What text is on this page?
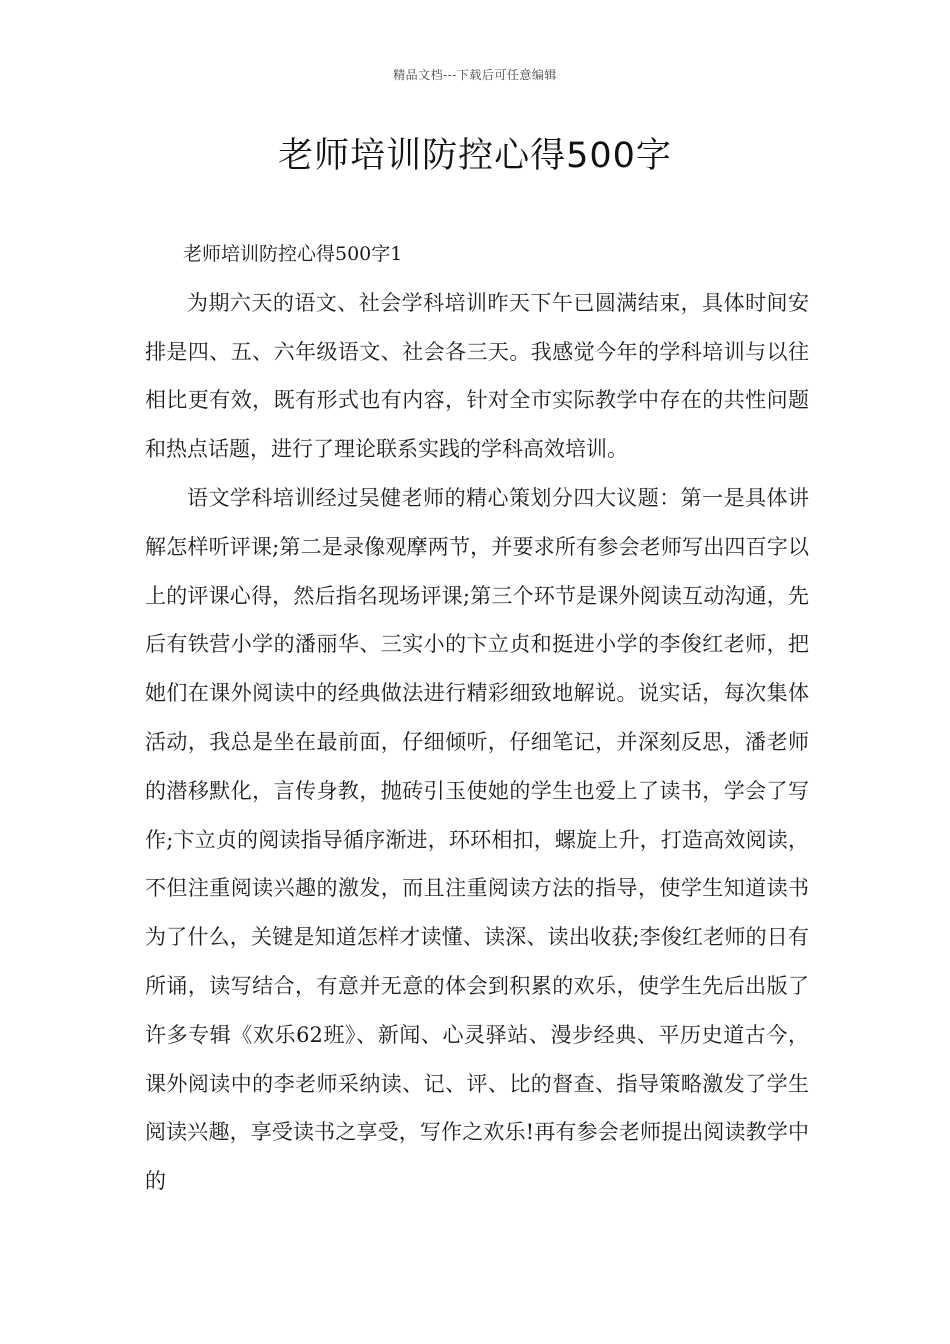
精品文档---下载后可任意编辑
老师培训防控心得500字

老师培训防控心得500字1

为期六天的语文、社会学科培训昨天下午已圆满结束，具体时间安排是四、五、六年级语文、社会各三天。我感觉今年的学科培训与以往相比更有效，既有形式也有内容，针对全市实际教学中存在的共性问题和热点话题，进行了理论联系实践的学科高效培训。

语文学科培训经过吴健老师的精心策划分四大议题：第一是具体讲解怎样听评课;第二是录像观摩两节，并要求所有参会老师写出四百字以上的评课心得，然后指名现场评课;第三个环节是课外阅读互动沟通，先后有铁营小学的潘丽华、三实小的卞立贞和挺进小学的李俊红老师，把她们在课外阅读中的经典做法进行精彩细致地解说。说实话，每次集体活动，我总是坐在最前面，仔细倾听，仔细笔记，并深刻反思，潘老师的潜移默化，言传身教，抛砖引玉使她的学生也爱上了读书，学会了写作;卞立贞的阅读指导循序渐进，环环相扣，螺旋上升，打造高效阅读，不但注重阅读兴趣的激发，而且注重阅读方法的指导，使学生知道读书为了什么，关键是知道怎样才读懂、读深、读出收获;李俊红老师的日有所诵，读写结合，有意并无意的体会到积累的欢乐，使学生先后出版了许多专辑《欢乐62班》、新闻、心灵驿站、漫步经典、平历史道古今，课外阅读中的李老师采纳读、记、评、比的督查、指导策略激发了学生阅读兴趣，享受读书之享受，写作之欢乐!再有参会老师提出阅读教学中的
